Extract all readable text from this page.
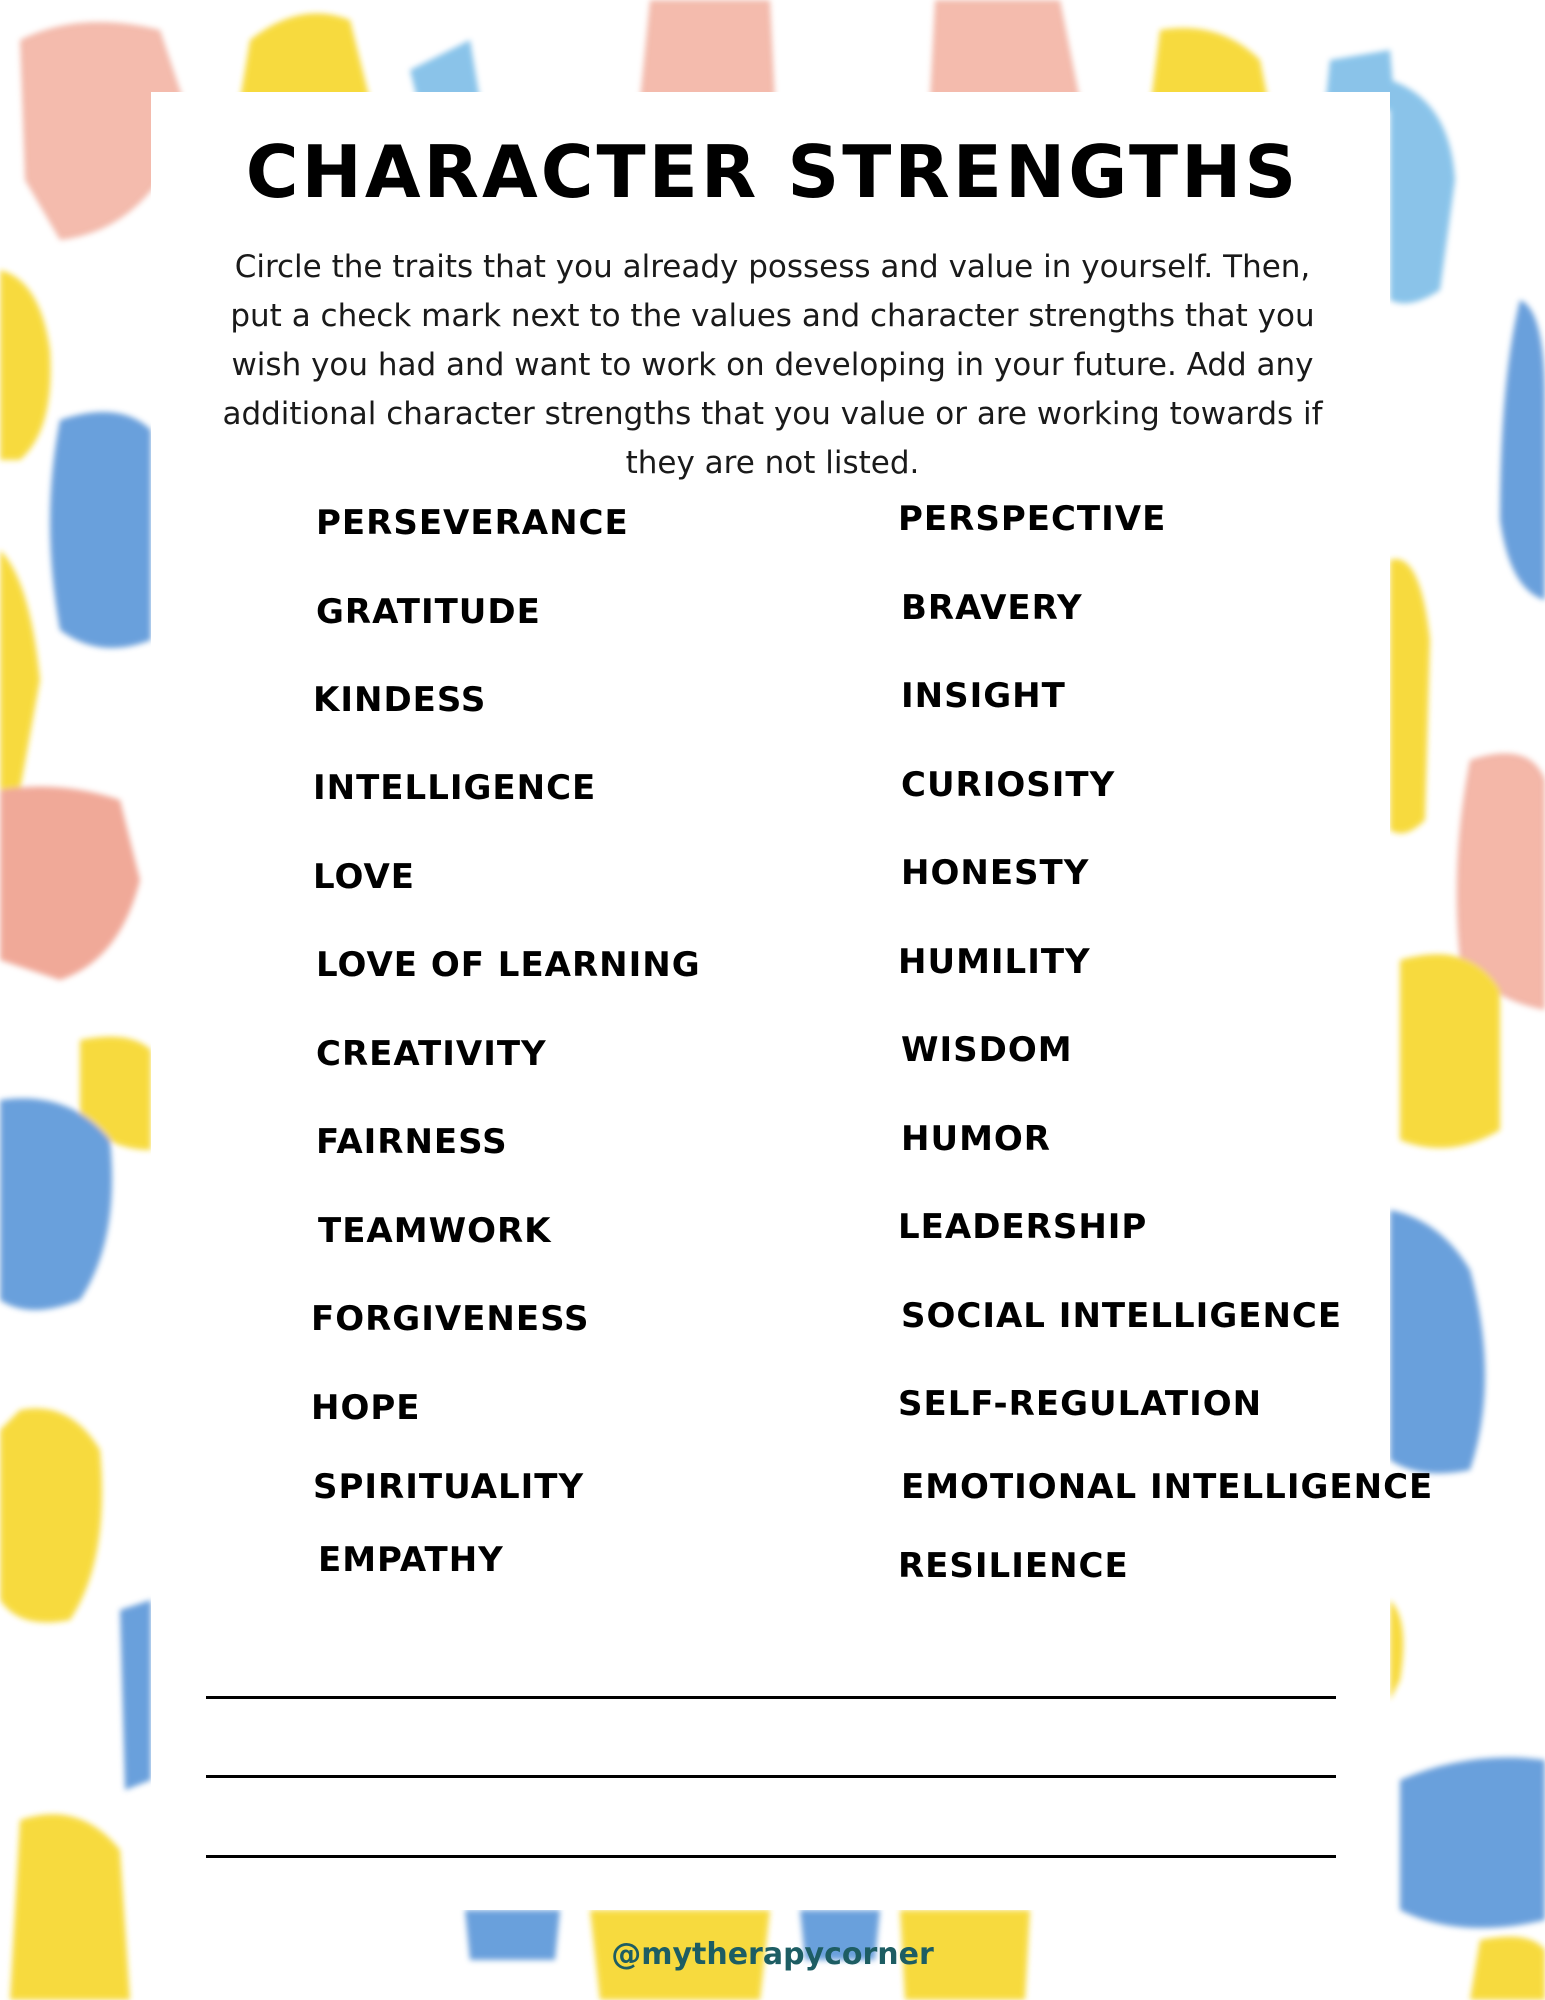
CHARACTER STRENGTHS

Circle the traits that you already possess and value in yourself. Then, put a check mark next to the values and character strengths that you wish you had and want to work on developing in your future. Add any additional character strengths that you value or are working towards if they are not listed.

PERSEVERANCE
GRATITUDE
KINDESS
INTELLIGENCE
LOVE
LOVE OF LEARNING
CREATIVITY
FAIRNESS
TEAMWORK
FORGIVENESS
HOPE
SPIRITUALITY
EMPATHY
PERSPECTIVE
BRAVERY
INSIGHT
CURIOSITY
HONESTY
HUMILITY
WISDOM
HUMOR
LEADERSHIP
SOCIAL INTELLIGENCE
SELF-REGULATION
EMOTIONAL INTELLIGENCE
RESILIENCE

@mytherapycorner
